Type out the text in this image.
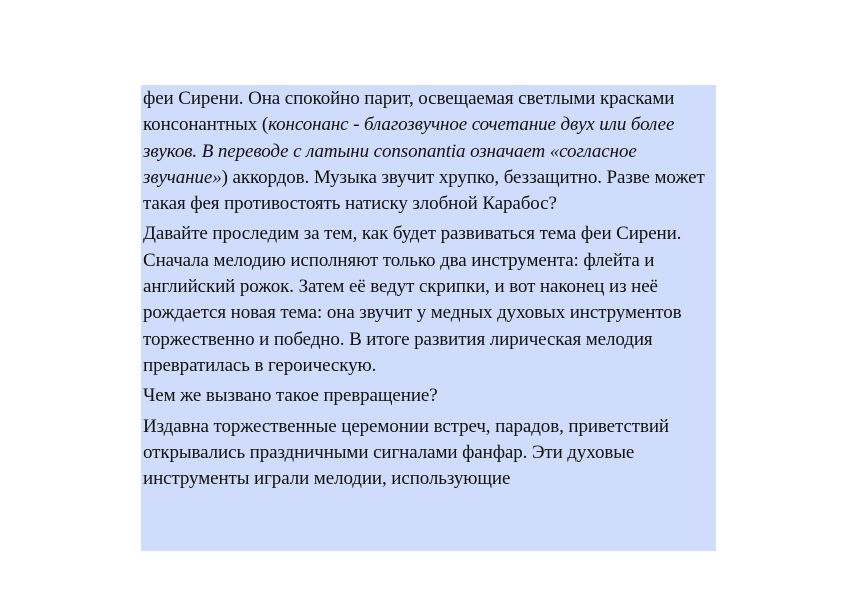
феи Сирени. Она спокойно парит, освещаемая светлыми красками консонантных (консонанс - благозвучное сочетание двух или более звуков. В переводе с латыни consonantia означает «согласное звучание») аккордов. Музыка звучит хрупко, беззащитно. Разве может такая фея противостоять натиску злобной Карабос?

Давайте проследим за тем, как будет развиваться тема феи Сирени. Сначала мелодию исполняют только два инструмента: флейта и английский рожок. Затем её ведут скрипки, и вот наконец из неё рождается новая тема: она звучит у медных духовых инструментов торжественно и победно. В итоге развития лирическая мелодия превратилась в героическую.

Чем же вызвано такое превращение?

Издавна торжественные церемонии встреч, парадов, приветствий открывались праздничными сигналами фанфар. Эти духовые инструменты играли мелодии, использующие
